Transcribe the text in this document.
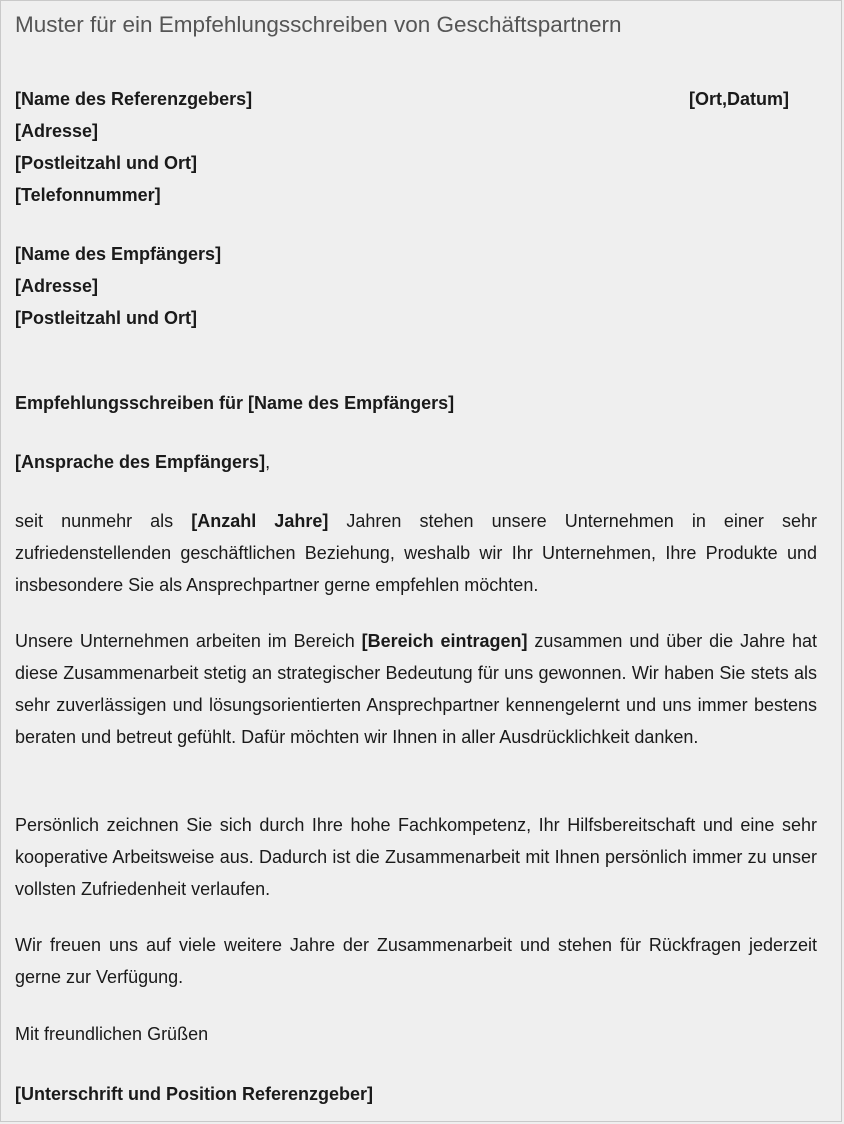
Muster für ein Empfehlungsschreiben von Geschäftspartnern
[Name des Referenzgebers]	[Ort,Datum]
[Adresse]
[Postleitzahl und Ort]
[Telefonnummer]
[Name des Empfängers]
[Adresse]
[Postleitzahl und Ort]
Empfehlungsschreiben für [Name des Empfängers]
[Ansprache des Empfängers],

seit nunmehr als [Anzahl Jahre] Jahren stehen unsere Unternehmen in einer sehr zufriedenstellenden geschäftlichen Beziehung, weshalb wir Ihr Unternehmen, Ihre Produkte und insbesondere Sie als Ansprechpartner gerne empfehlen möchten.

Unsere Unternehmen arbeiten im Bereich [Bereich eintragen] zusammen und über die Jahre hat diese Zusammenarbeit stetig an strategischer Bedeutung für uns gewonnen. Wir haben Sie stets als sehr zuverlässigen und lösungsorientierten Ansprechpartner kennengelernt und uns immer bestens beraten und betreut gefühlt. Dafür möchten wir Ihnen in aller Ausdrücklichkeit danken.

Persönlich zeichnen Sie sich durch Ihre hohe Fachkompetenz, Ihr Hilfsbereitschaft und eine sehr kooperative Arbeitsweise aus. Dadurch ist die Zusammenarbeit mit Ihnen persönlich immer zu unser vollsten Zufriedenheit verlaufen.

Wir freuen uns auf viele weitere Jahre der Zusammenarbeit und stehen für Rückfragen jederzeit gerne zur Verfügung.

Mit freundlichen Grüßen
[Unterschrift und Position Referenzgeber]
